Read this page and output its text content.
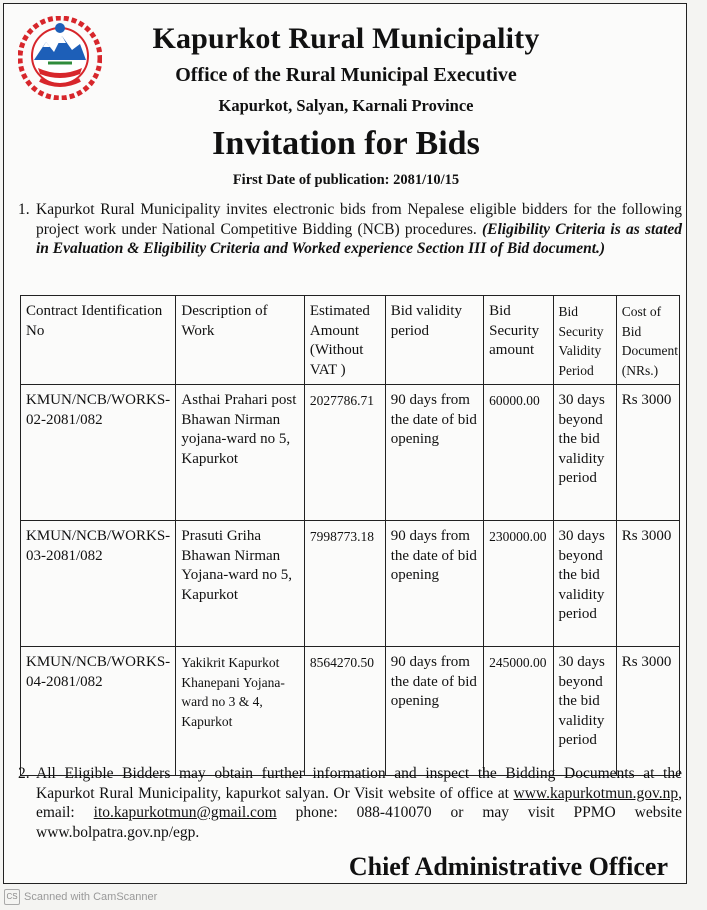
Kapurkot Rural Municipality
Office of the Rural Municipal Executive
Kapurkot, Salyan, Karnali Province
Invitation for Bids
First Date of publication: 2081/10/15
1. Kapurkot Rural Municipality invites electronic bids from Nepalese eligible bidders for the following project work under National Competitive Bidding (NCB) procedures. (Eligibility Criteria is as stated in Evaluation & Eligibility Criteria and Worked experience Section III of Bid document.)
Contract Identification No	Description of Work	Estimated Amount (Without VAT )	Bid validity period	Bid Security amount	Bid Security Validity Period	Cost of Bid Document (NRs.)
KMUN/NCB/WORKS-02-2081/082	Asthai Prahari post Bhawan Nirman yojana-ward no 5, Kapurkot	2027786.71	90 days from the date of bid opening	60000.00	30 days beyond the bid validity period	Rs 3000
KMUN/NCB/WORKS-03-2081/082	Prasuti Griha Bhawan Nirman Yojana-ward no 5, Kapurkot	7998773.18	90 days from the date of bid opening	230000.00	30 days beyond the bid validity period	Rs 3000
KMUN/NCB/WORKS-04-2081/082	Yakikrit Kapurkot Khanepani Yojana-ward no 3 & 4, Kapurkot	8564270.50	90 days from the date of bid opening	245000.00	30 days beyond the bid validity period	Rs 3000
2. All Eligible Bidders may obtain further information and inspect the Bidding Documents at the Kapurkot Rural Municipality, kapurkot salyan. Or Visit website of office at www.kapurkotmun.gov.np, email: ito.kapurkotmun@gmail.com phone: 088-410070 or may visit PPMO website www.bolpatra.gov.np/egp.
Chief Administrative Officer
CS Scanned with CamScanner
